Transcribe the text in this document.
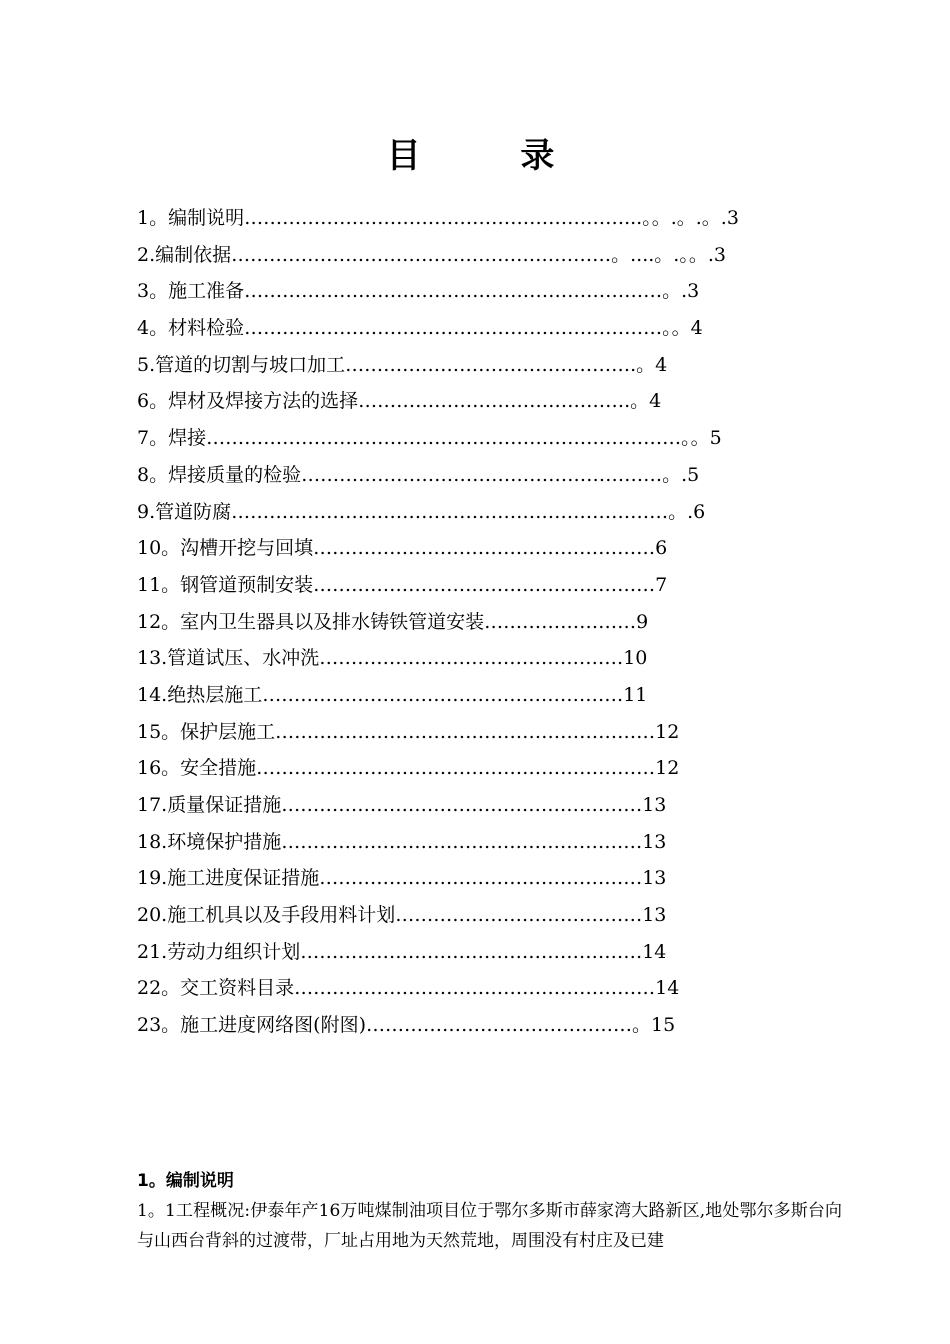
目 录
1。编制说明……………………………………………………...。。.。.。.3
2.编制依据……………………………………………………。....。.。。.3
3。施工准备…………………………………………………………。.3
4。材料检验…………………………………………………………。。4
5.管道的切割与坡口加工……………………………………….。4
6。焊材及焊接方法的选择…………………………………….。4
7。焊接…………………………………………………………………。。5
8。焊接质量的检验…………………………………………………。.5
9.管道防腐……………………………………………………………。.6
10。沟槽开挖与回填………………………………………………6
11。钢管道预制安装………………………………………………7
12。室内卫生器具以及排水铸铁管道安装……………………9
13.管道试压、水冲洗…………………………………………10
14.绝热层施工…………………………………………………11
15。保护层施工……………………………………………………12
16。安全措施………………………………………………………12
17.质量保证措施…………………………………………………13
18.环境保护措施…………………………………………………13
19.施工进度保证措施……………………………………………13
20.施工机具以及手段用料计划…………………………………13
21.劳动力组织计划………………………………………………14
22。交工资料目录…………………………………………………14
23。施工进度网络图(附图)……………………………………。15
1。编制说明
1。1工程概况:伊泰年产16万吨煤制油项目位于鄂尔多斯市薛家湾大路新区,地处鄂尔多斯台向与山西台背斜的过渡带，厂址占用地为天然荒地，周围没有村庄及已建
